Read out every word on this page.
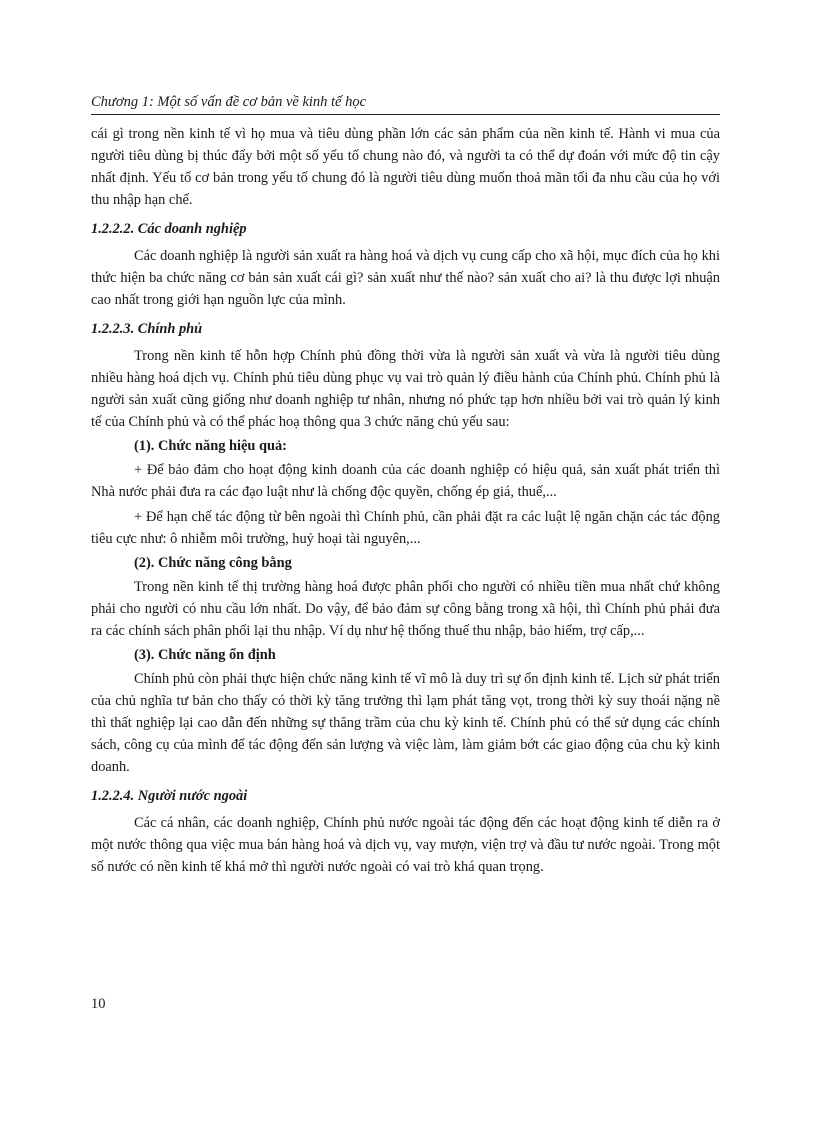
Chương 1: Một số vấn đề cơ bản về kinh tế học

cái gì trong nền kinh tế vì họ mua và tiêu dùng phần lớn các sản phẩm của nền kinh tế. Hành vi mua của người tiêu dùng bị thúc đẩy bởi một số yếu tố chung nào đó, và người ta có thể dự đoán với mức độ tin cậy nhất định. Yếu tố cơ bản trong yếu tố chung đó là người tiêu dùng muốn thoả mãn tối đa nhu cầu của họ với thu nhập hạn chế.

1.2.2.2. Các doanh nghiệp

Các doanh nghiệp là người sản xuất ra hàng hoá và dịch vụ cung cấp cho xã hội, mục đích của họ khi thức hiện ba chức năng cơ bản sản xuất cái gì? sản xuất như thế nào? sản xuất cho ai? là thu được lợi nhuận cao nhất trong giới hạn nguồn lực của mình.

1.2.2.3. Chính phủ

Trong nền kinh tế hỗn hợp Chính phủ đồng thời vừa là người sản xuất và vừa là người tiêu dùng nhiều hàng hoá dịch vụ. Chính phủ tiêu dùng phục vụ vai trò quản lý điều hành của Chính phủ. Chính phủ là người sản xuất cũng giống như doanh nghiệp tư nhân, nhưng nó phức tạp hơn nhiều bởi vai trò quản lý kinh tế của Chính phủ và có thể phác hoạ thông qua 3 chức năng chủ yếu sau:

(1). Chức năng hiệu quả:

+ Để bảo đảm cho hoạt động kinh doanh của các doanh nghiệp có hiệu quả, sản xuất phát triển thì Nhà nước phải đưa ra các đạo luật như là chống độc quyền, chống ép giá, thuế,...

+ Để hạn chế tác động từ bên ngoài thì Chính phủ, cần phải đặt ra các luật lệ ngăn chặn các tác động tiêu cực như: ô nhiễm môi trường, huỷ hoại tài nguyên,...

(2). Chức năng công bằng

Trong nền kinh tế thị trường hàng hoá được phân phối cho người có nhiều tiền mua nhất chứ không phải cho người có nhu cầu lớn nhất. Do vậy, để bảo đảm sự công bằng trong xã hội, thì Chính phủ phải đưa ra các chính sách phân phối lại thu nhập. Ví dụ như hệ thống thuế thu nhập, bảo hiểm, trợ cấp,...

(3). Chức năng ổn định

Chính phủ còn phải thực hiện chức năng kinh tế vĩ mô là duy trì sự ổn định kinh tế. Lịch sử phát triển của chủ nghĩa tư bản cho thấy có thời kỳ tăng trưởng thì lạm phát tăng vọt, trong thời kỳ suy thoái nặng nề thì thất nghiệp lại cao dẫn đến những sự thăng trầm của chu kỳ kinh tế. Chính phủ có thể sử dụng các chính sách, công cụ của mình để tác động đến sản lượng và việc làm, làm giảm bớt các giao động của chu kỳ kinh doanh.

1.2.2.4. Người nước ngoài

Các cá nhân, các doanh nghiệp, Chính phủ nước ngoài tác động đến các hoạt động kinh tế diễn ra ở một nước thông qua việc mua bán hàng hoá và dịch vụ, vay mượn, viện trợ và đầu tư nước ngoài. Trong một số nước có nền kinh tế khá mở thì người nước ngoài có vai trò khá quan trọng.

10
